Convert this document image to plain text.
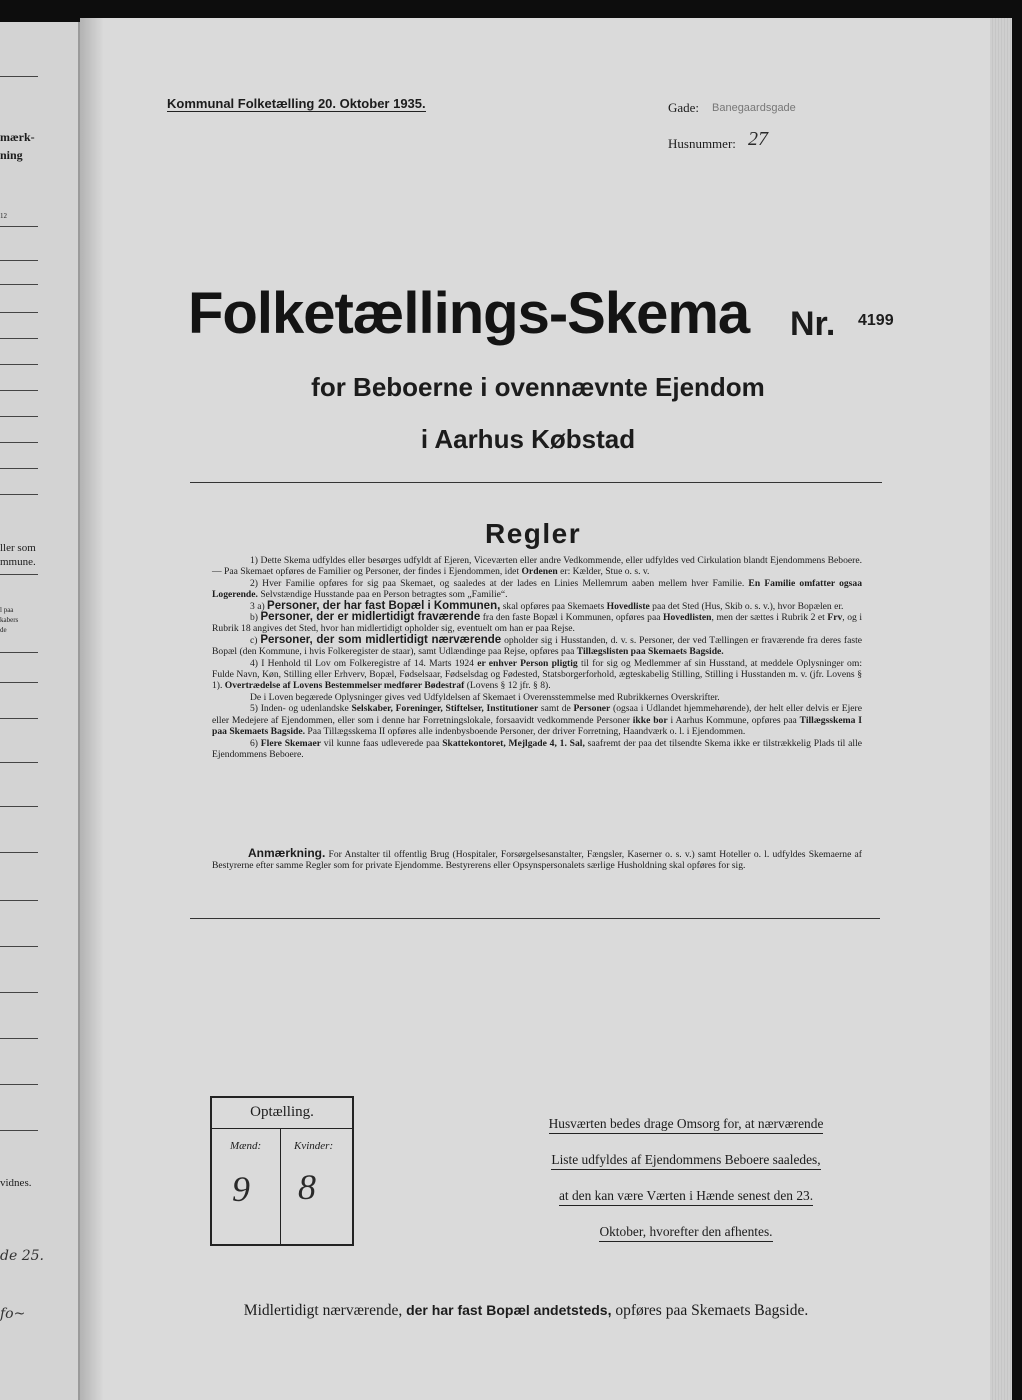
mærk-
ning
12
ller som
mmune.
l paa
kabers
de
vidnes.
de 25.
fo~
Kommunal Folketælling 20. Oktober 1935.	Gade: Banegaardsgade
Husnummer: 27
Folketællings-Skema Nr. 4199
for Beboerne i ovennævnte Ejendom
i Aarhus Købstad
Regler

1) Dette Skema udfyldes eller besørges udfyldt af Ejeren, Viceværten eller andre Vedkommende, eller udfyldes ved Cirkulation blandt Ejendommens Beboere. — Paa Skemaet opføres de Familier og Personer, der findes i Ejendommen, idet Ordenen er: Kælder, Stue o. s. v.

2) Hver Familie opføres for sig paa Skemaet, og saaledes at der lades en Linies Mellemrum aaben mellem hver Familie. En Familie omfatter ogsaa Logerende. Selvstændige Husstande paa en Person betragtes som „Familie“.

3 a) Personer, der har fast Bopæl i Kommunen, skal opføres paa Skemaets Hovedliste paa det Sted (Hus, Skib o. s. v.), hvor Bopælen er.

b) Personer, der er midlertidigt fraværende fra den faste Bopæl i Kommunen, opføres paa Hovedlisten, men der sættes i Rubrik 2 et Frv, og i Rubrik 18 angives det Sted, hvor han midlertidigt opholder sig, eventuelt om han er paa Rejse.

c) Personer, der som midlertidigt nærværende opholder sig i Husstanden, d. v. s. Personer, der ved Tællingen er fraværende fra deres faste Bopæl (den Kommune, i hvis Folkeregister de staar), samt Udlændinge paa Rejse, opføres paa Tillægslisten paa Skemaets Bagside.

4) I Henhold til Lov om Folkeregistre af 14. Marts 1924 er enhver Person pligtig til for sig og Medlemmer af sin Husstand, at meddele Oplysninger om: Fulde Navn, Køn, Stilling eller Erhverv, Bopæl, Fødselsaar, Fødselsdag og Fødested, Statsborgerforhold, ægteskabelig Stilling, Stilling i Husstanden m. v. (jfr. Lovens § 1). Overtrædelse af Lovens Bestemmelser medfører Bødestraf (Lovens § 12 jfr. § 8).

De i Loven begærede Oplysninger gives ved Udfyldelsen af Skemaet i Overensstemmelse med Rubrikkernes Overskrifter.

5) Inden- og udenlandske Selskaber, Foreninger, Stiftelser, Institutioner samt de Personer (ogsaa i Udlandet hjemmehørende), der helt eller delvis er Ejere eller Medejere af Ejendommen, eller som i denne har Forretningslokale, forsaavidt vedkommende Personer ikke bor i Aarhus Kommune, opføres paa Tillægsskema I paa Skemaets Bagside. Paa Tillægsskema II opføres alle indenbysboende Personer, der driver Forretning, Haandværk o. l. i Ejendommen.

6) Flere Skemaer vil kunne faas udleverede paa Skattekontoret, Mejlgade 4, 1. Sal, saafremt der paa det tilsendte Skema ikke er tilstrækkelig Plads til alle Ejendommens Beboere.

Anmærkning. For Anstalter til offentlig Brug (Hospitaler, Forsørgelsesanstalter, Fængsler, Kaserner o. s. v.) samt Hoteller o. l. udfyldes Skemaerne af Bestyrerne efter samme Regler som for private Ejendomme. Bestyrerens eller Opsynspersonalets særlige Husholdning skal opføres for sig.

Optælling.
Mænd:	Kvinder:
9 8
Husværten bedes drage Omsorg for, at nærværende
Liste udfyldes af Ejendommens Beboere saaledes,
at den kan være Værten i Hænde senest den 23.
Oktober, hvorefter den afhentes.
Midlertidigt nærværende, der har fast Bopæl andetsteds, opføres paa Skemaets Bagside.
